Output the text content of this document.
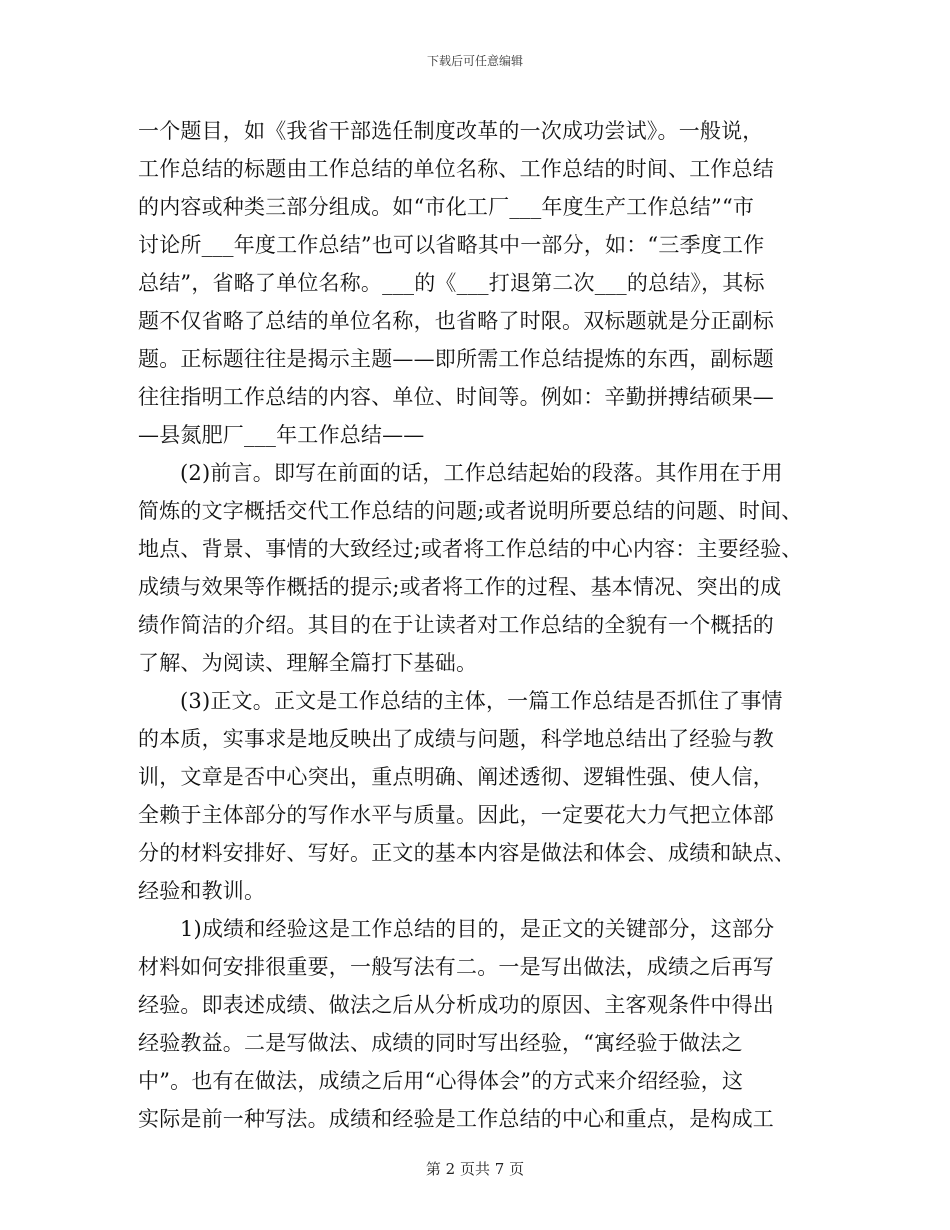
下载后可任意编辑
一个题目，如《我省干部选任制度改革的一次成功尝试》。一般说，
工作总结的标题由工作总结的单位名称、工作总结的时间、工作总结
的内容或种类三部分组成。如“市化工厂___年度生产工作总结”“市
讨论所___年度工作总结”也可以省略其中一部分，如：“三季度工作
总结”，省略了单位名称。___的《___打退第二次___的总结》，其标
题不仅省略了总结的单位名称，也省略了时限。双标题就是分正副标
题。正标题往往是揭示主题——即所需工作总结提炼的东西，副标题
往往指明工作总结的内容、单位、时间等。例如：辛勤拼搏结硕果—
—县氮肥厂___年工作总结——
(2)前言。即写在前面的话，工作总结起始的段落。其作用在于用
简炼的文字概括交代工作总结的问题;或者说明所要总结的问题、时间、
地点、背景、事情的大致经过;或者将工作总结的中心内容：主要经验、
成绩与效果等作概括的提示;或者将工作的过程、基本情况、突出的成
绩作简洁的介绍。其目的在于让读者对工作总结的全貌有一个概括的
了解、为阅读、理解全篇打下基础。
(3)正文。正文是工作总结的主体，一篇工作总结是否抓住了事情
的本质，实事求是地反映出了成绩与问题，科学地总结出了经验与教
训，文章是否中心突出，重点明确、阐述透彻、逻辑性强、使人信，
全赖于主体部分的写作水平与质量。因此，一定要花大力气把立体部
分的材料安排好、写好。正文的基本内容是做法和体会、成绩和缺点、
经验和教训。
1)成绩和经验这是工作总结的目的，是正文的关键部分，这部分
材料如何安排很重要，一般写法有二。一是写出做法，成绩之后再写
经验。即表述成绩、做法之后从分析成功的原因、主客观条件中得出
经验教益。二是写做法、成绩的同时写出经验，“寓经验于做法之
中”。也有在做法，成绩之后用“心得体会”的方式来介绍经验，这
实际是前一种写法。成绩和经验是工作总结的中心和重点，是构成工
第 2 页共 7 页
